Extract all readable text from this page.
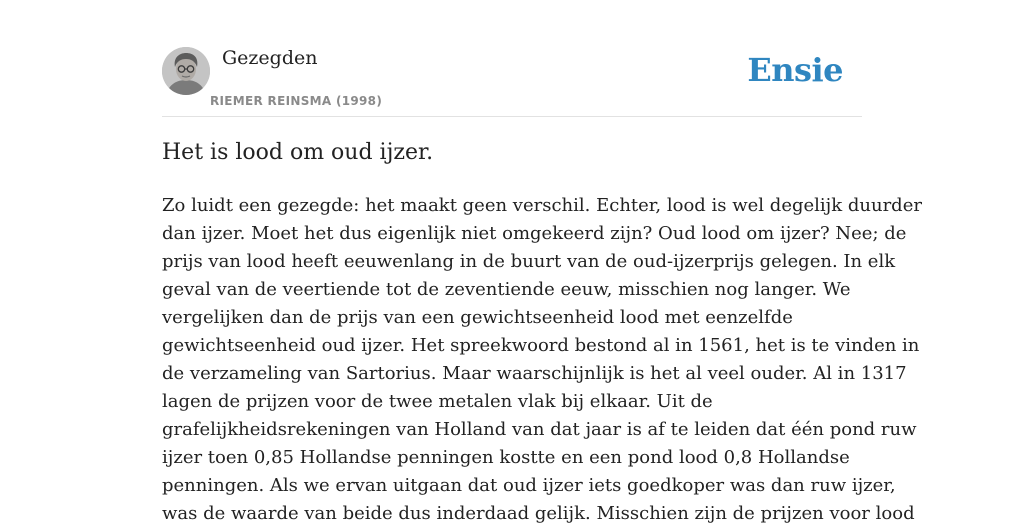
Gezegden
RIEMER REINSMA (1998)
Ensie
Het is lood om oud ijzer.
Zo luidt een gezegde: het maakt geen verschil. Echter, lood is wel degelijk duurder
dan ijzer. Moet het dus eigenlijk niet omgekeerd zijn? Oud lood om ijzer? Nee; de
prijs van lood heeft eeuwenlang in de buurt van de oud-ijzerprijs gelegen. In elk
geval van de veertiende tot de zeventiende eeuw, misschien nog langer. We
vergelijken dan de prijs van een gewichtseenheid lood met eenzelfde
gewichtseenheid oud ijzer. Het spreekwoord bestond al in 1561, het is te vinden in
de verzameling van Sartorius. Maar waarschijnlijk is het al veel ouder. Al in 1317
lagen de prijzen voor de twee metalen vlak bij elkaar. Uit de
grafelijkheidsrekeningen van Holland van dat jaar is af te leiden dat één pond ruw
ijzer toen 0,85 Hollandse penningen kostte en een pond lood 0,8 Hollandse
penningen. Als we ervan uitgaan dat oud ijzer iets goedkoper was dan ruw ijzer,
was de waarde van beide dus inderdaad gelijk. Misschien zijn de prijzen voor lood
